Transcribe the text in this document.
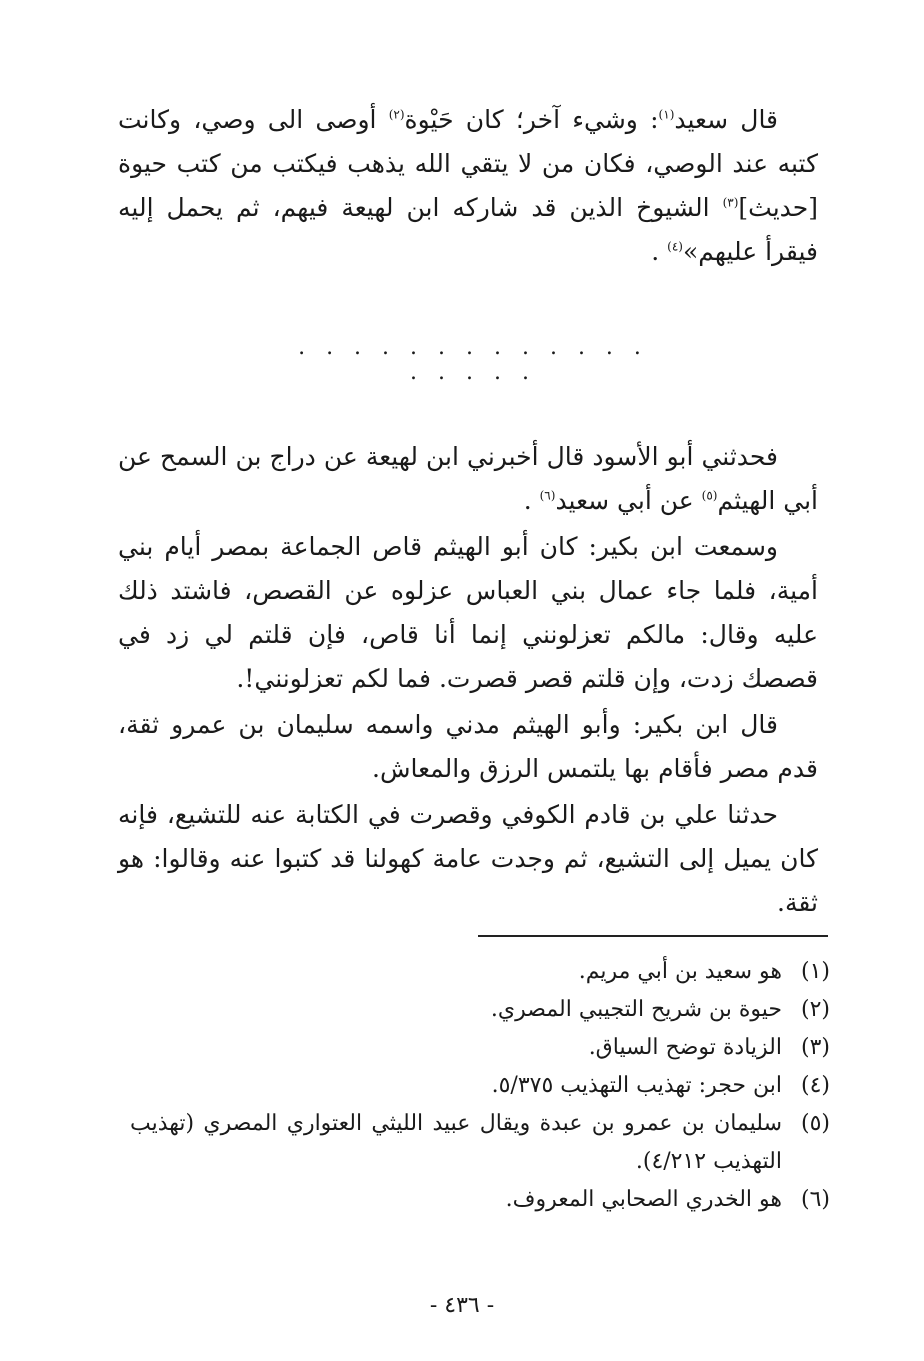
قال سعيد$^{(١)}$: وشيء آخر؛ كان حَيْوة$^{(٢)}$ أوصى الى وصي، وكانت كتبه عند الوصي، فكان من لا يتقي الله يذهب فيكتب من كتب حيوة [حديث]$^{(٣)}$ الشيوخ الذين قد شاركه ابن لهيعة فيهم، ثم يحمل إليه فيقرأ عليهم»$^{(٤)}$ .

. . . . . . . . . . . . . . . . . .

فحدثني أبو الأسود قال أخبرني ابن لهيعة عن دراج بن السمح عن أبي الهيثم$^{(٥)}$ عن أبي سعيد$^{(٦)}$ .

وسمعت ابن بكير: كان أبو الهيثم قاص الجماعة بمصر أيام بني أمية، فلما جاء عمال بني العباس عزلوه عن القصص، فاشتد ذلك عليه وقال: مالكم تعزلونني إنما أنا قاص، فإن قلتم لي زد في قصصك زدت، وإن قلتم قصر قصرت. فما لكم تعزلونني!.

قال ابن بكير: وأبو الهيثم مدني واسمه سليمان بن عمرو ثقة، قدم مصر فأقام بها يلتمس الرزق والمعاش.

حدثنا علي بن قادم الكوفي وقصرت في الكتابة عنه للتشيع، فإنه كان يميل إلى التشيع، ثم وجدت عامة كهولنا قد كتبوا عنه وقالوا: هو ثقة.

(١)
هو سعيد بن أبي مريم.
(٢)
حيوة بن شريح التجيبي المصري.
(٣)
الزيادة توضح السياق.
(٤)
ابن حجر: تهذيب التهذيب ٥/٣٧٥.
(٥)
سليمان بن عمرو بن عبدة ويقال عبيد الليثي العتواري المصري (تهذيب التهذيب ٤/٢١٢).
(٦)
هو الخدري الصحابي المعروف.
- ٤٣٦ -
